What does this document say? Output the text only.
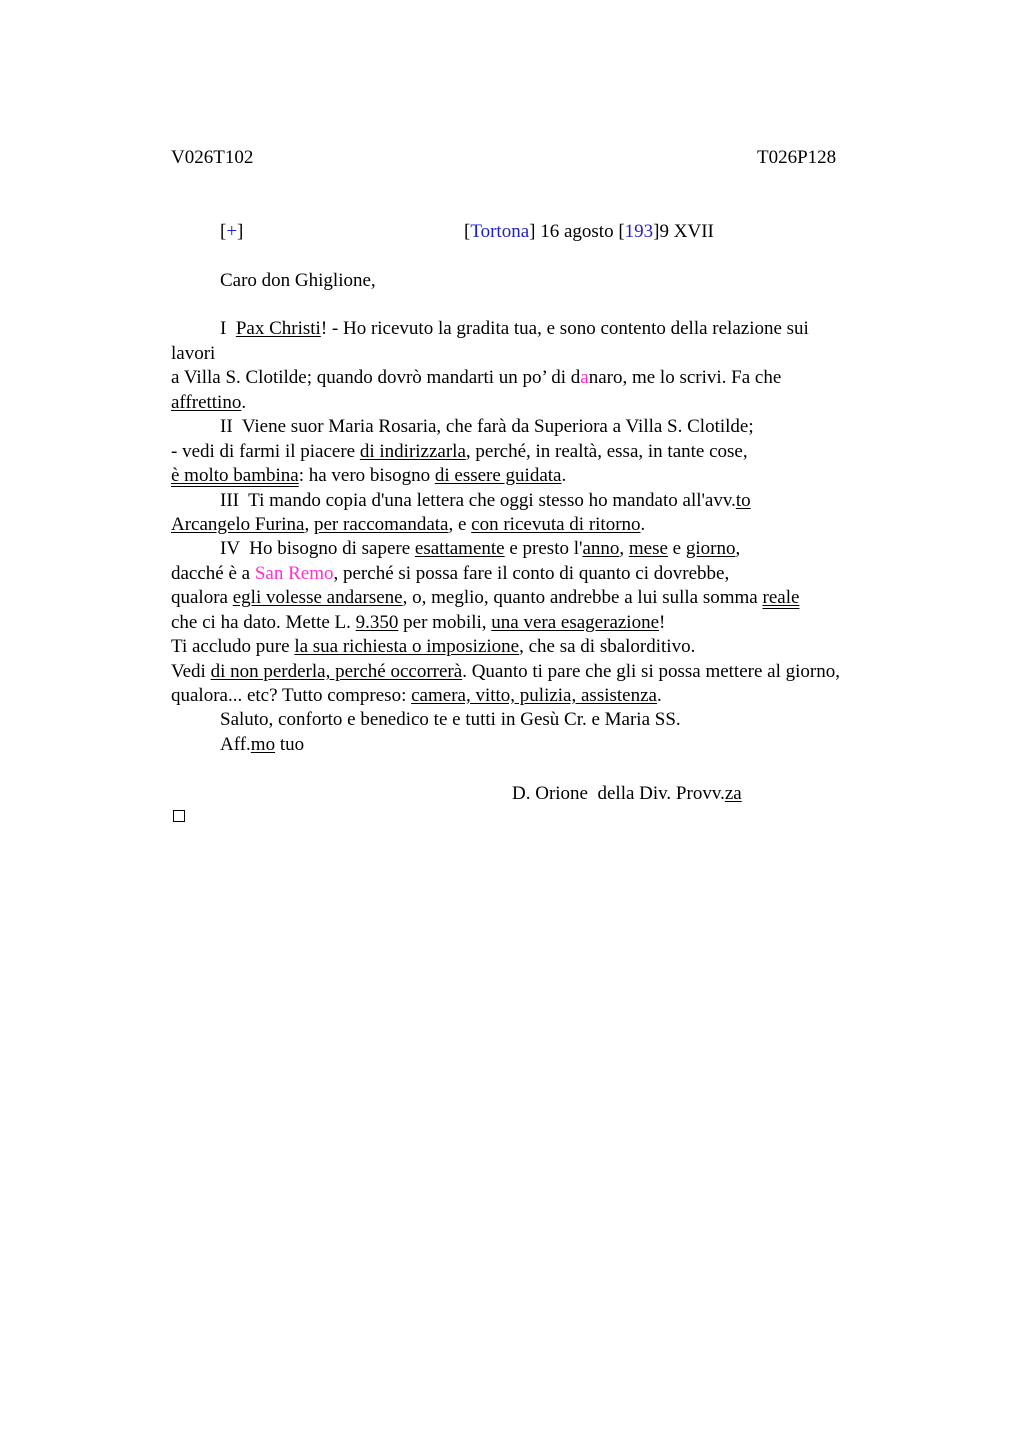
V026T102	T026P128
[+]	[Tortona] 16 agosto [193]9 XVII
Caro don Ghiglione,
I Pax Christi! - Ho ricevuto la gradita tua, e sono contento della relazione sui
lavori
a Villa S. Clotilde; quando dovrò mandarti un po’ di danaro, me lo scrivi. Fa che
affrettino.
II Viene suor Maria Rosaria, che farà da Superiora a Villa S. Clotilde;
- vedi di farmi il piacere di indirizzarla, perché, in realtà, essa, in tante cose,
è molto bambina: ha vero bisogno di essere guidata.
III Ti mando copia d'una lettera che oggi stesso ho mandato all'avv.to
Arcangelo Furina, per raccomandata, e con ricevuta di ritorno.
IV Ho bisogno di sapere esattamente e presto l'anno, mese e giorno,
dacché è a San Remo, perché si possa fare il conto di quanto ci dovrebbe,
qualora egli volesse andarsene, o, meglio, quanto andrebbe a lui sulla somma reale
che ci ha dato. Mette L. 9.350 per mobili, una vera esagerazione!
Ti accludo pure la sua richiesta o imposizione, che sa di sbalorditivo.
Vedi di non perderla, perché occorrerà. Quanto ti pare che gli si possa mettere al giorno,
qualora... etc? Tutto compreso: camera, vitto, pulizia, assistenza.
Saluto, conforto e benedico te e tutti in Gesù Cr. e Maria SS.
Aff.mo tuo
D. Orione  della Div. Provv.za
